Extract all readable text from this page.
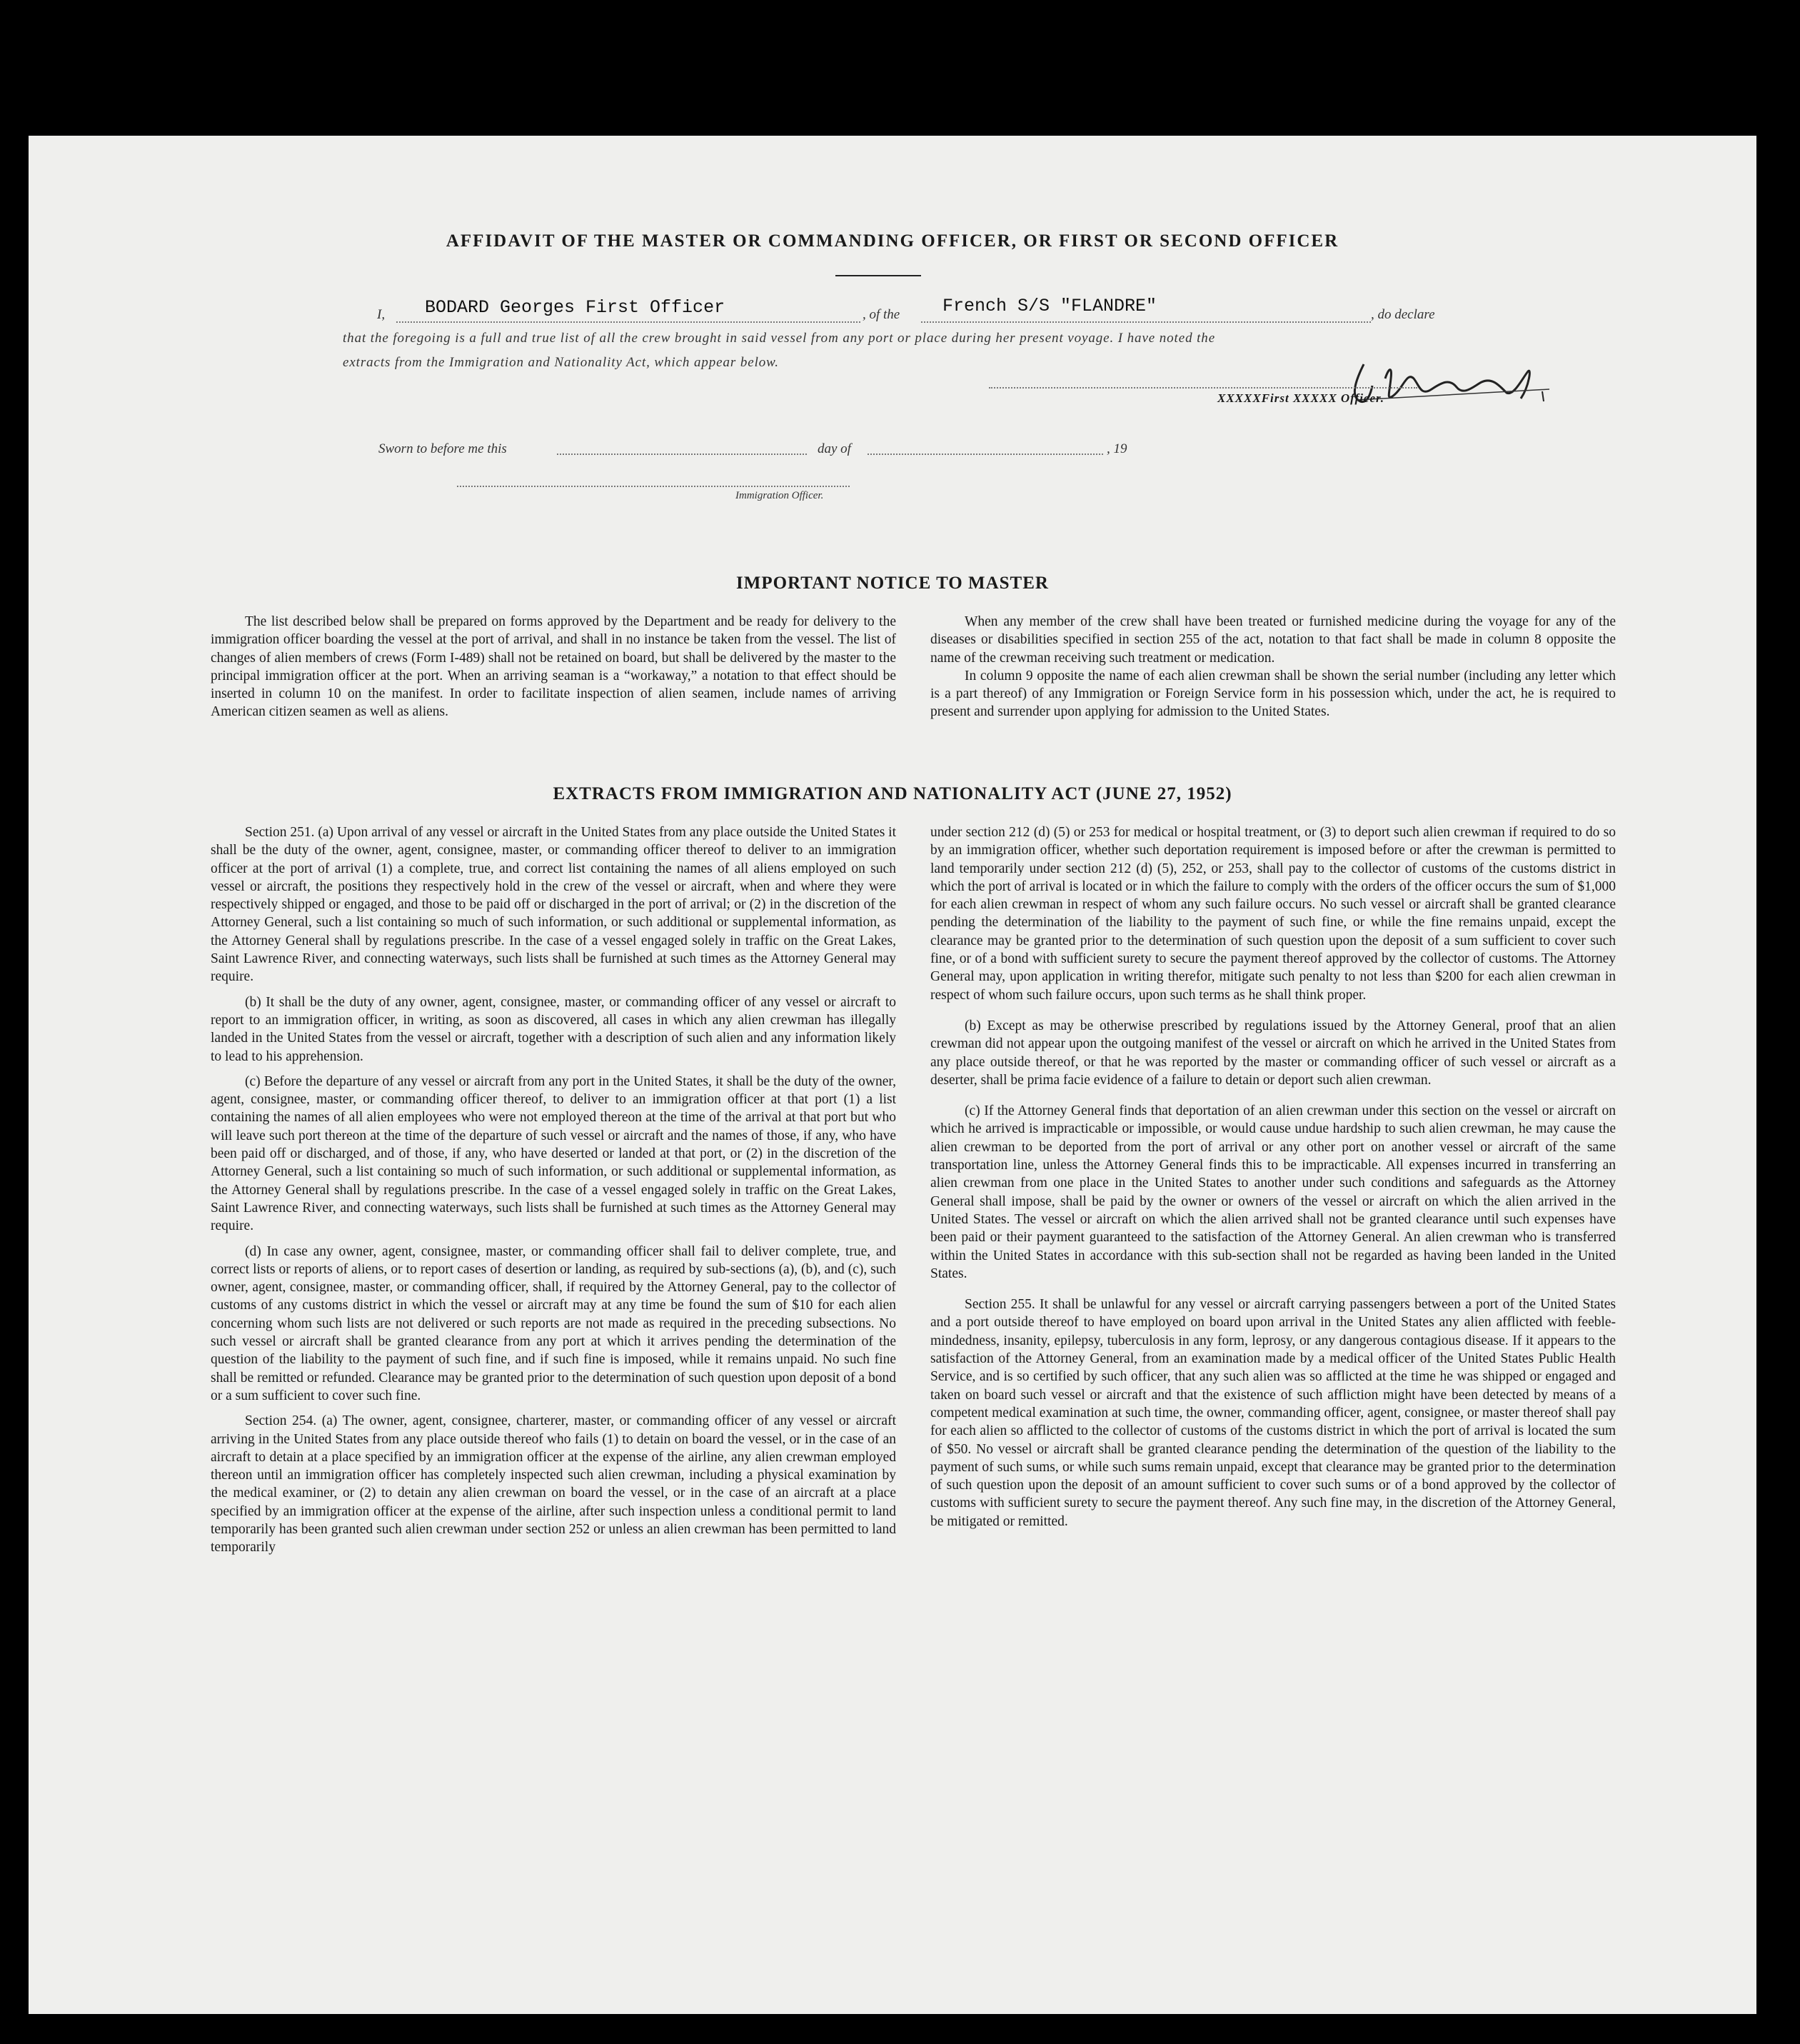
AFFIDAVIT OF THE MASTER OR COMMANDING OFFICER, OR FIRST OR SECOND OFFICER
I, BODARD Georges First Officer	, of the French S/S "FLANDRE"	, do declare
that the foregoing is a full and true list of all the crew brought in said vessel from any port or place during her present voyage. I have noted the
extracts from the Immigration and Nationality Act, which appear below.
XXXXXFirst XXXXX Officer.
Sworn to before me this	day of	, 19
Immigration Officer.
IMPORTANT NOTICE TO MASTER

The list described below shall be prepared on forms approved by the Department and be ready for delivery to the immigration officer boarding the vessel at the port of arrival, and shall in no instance be taken from the vessel. The list of changes of alien members of crews (Form I-489) shall not be retained on board, but shall be delivered by the master to the principal immigration officer at the port. When an arriving seaman is a “workaway,” a notation to that effect should be inserted in column 10 on the manifest. In order to facilitate inspection of alien seamen, include names of arriving American citizen seamen as well as aliens.

When any member of the crew shall have been treated or furnished medicine during the voyage for any of the diseases or disabilities specified in section 255 of the act, notation to that fact shall be made in column 8 opposite the name of the crewman receiving such treatment or medication.

In column 9 opposite the name of each alien crewman shall be shown the serial number (including any letter which is a part thereof) of any Immigration or Foreign Service form in his possession which, under the act, he is required to present and surrender upon applying for admission to the United States.

EXTRACTS FROM IMMIGRATION AND NATIONALITY ACT (JUNE 27, 1952)

Section 251. (a) Upon arrival of any vessel or aircraft in the United States from any place outside the United States it shall be the duty of the owner, agent, consignee, master, or commanding officer thereof to deliver to an immigration officer at the port of arrival (1) a complete, true, and correct list containing the names of all aliens employed on such vessel or aircraft, the positions they respectively hold in the crew of the vessel or aircraft, when and where they were respectively shipped or engaged, and those to be paid off or discharged in the port of arrival; or (2) in the discretion of the Attorney General, such a list containing so much of such information, or such additional or supplemental information, as the Attorney General shall by regulations prescribe. In the case of a vessel engaged solely in traffic on the Great Lakes, Saint Lawrence River, and connecting waterways, such lists shall be furnished at such times as the Attorney General may require.

(b) It shall be the duty of any owner, agent, consignee, master, or commanding officer of any vessel or aircraft to report to an immigration officer, in writing, as soon as discovered, all cases in which any alien crewman has illegally landed in the United States from the vessel or aircraft, together with a description of such alien and any information likely to lead to his apprehension.

(c) Before the departure of any vessel or aircraft from any port in the United States, it shall be the duty of the owner, agent, consignee, master, or commanding officer thereof, to deliver to an immigration officer at that port (1) a list containing the names of all alien employees who were not employed thereon at the time of the arrival at that port but who will leave such port thereon at the time of the departure of such vessel or aircraft and the names of those, if any, who have been paid off or discharged, and of those, if any, who have deserted or landed at that port, or (2) in the discretion of the Attorney General, such a list containing so much of such information, or such additional or supplemental information, as the Attorney General shall by regulations prescribe. In the case of a vessel engaged solely in traffic on the Great Lakes, Saint Lawrence River, and connecting waterways, such lists shall be furnished at such times as the Attorney General may require.

(d) In case any owner, agent, consignee, master, or commanding officer shall fail to deliver complete, true, and correct lists or reports of aliens, or to report cases of desertion or landing, as required by sub-sections (a), (b), and (c), such owner, agent, consignee, master, or commanding officer, shall, if required by the Attorney General, pay to the collector of customs of any customs district in which the vessel or aircraft may at any time be found the sum of $10 for each alien concerning whom such lists are not delivered or such reports are not made as required in the preceding subsections. No such vessel or aircraft shall be granted clearance from any port at which it arrives pending the determination of the question of the liability to the payment of such fine, and if such fine is imposed, while it remains unpaid. No such fine shall be remitted or refunded. Clearance may be granted prior to the determination of such question upon deposit of a bond or a sum sufficient to cover such fine.

Section 254. (a) The owner, agent, consignee, charterer, master, or commanding officer of any vessel or aircraft arriving in the United States from any place outside thereof who fails (1) to detain on board the vessel, or in the case of an aircraft to detain at a place specified by an immigration officer at the expense of the airline, any alien crewman employed thereon until an immigration officer has completely inspected such alien crewman, including a physical examination by the medical examiner, or (2) to detain any alien crewman on board the vessel, or in the case of an aircraft at a place specified by an immigration officer at the expense of the airline, after such inspection unless a conditional permit to land temporarily has been granted such alien crewman under section 252 or unless an alien crewman has been permitted to land temporarily

under section 212 (d) (5) or 253 for medical or hospital treatment, or (3) to deport such alien crewman if required to do so by an immigration officer, whether such deportation requirement is imposed before or after the crewman is permitted to land temporarily under section 212 (d) (5), 252, or 253, shall pay to the collector of customs of the customs district in which the port of arrival is located or in which the failure to comply with the orders of the officer occurs the sum of $1,000 for each alien crewman in respect of whom any such failure occurs. No such vessel or aircraft shall be granted clearance pending the determination of the liability to the payment of such fine, or while the fine remains unpaid, except the clearance may be granted prior to the determination of such question upon the deposit of a sum sufficient to cover such fine, or of a bond with sufficient surety to secure the payment thereof approved by the collector of customs. The Attorney General may, upon application in writing therefor, mitigate such penalty to not less than $200 for each alien crewman in respect of whom such failure occurs, upon such terms as he shall think proper.

(b) Except as may be otherwise prescribed by regulations issued by the Attorney General, proof that an alien crewman did not appear upon the outgoing manifest of the vessel or aircraft on which he arrived in the United States from any place outside thereof, or that he was reported by the master or commanding officer of such vessel or aircraft as a deserter, shall be prima facie evidence of a failure to detain or deport such alien crewman.

(c) If the Attorney General finds that deportation of an alien crewman under this section on the vessel or aircraft on which he arrived is impracticable or impossible, or would cause undue hardship to such alien crewman, he may cause the alien crewman to be deported from the port of arrival or any other port on another vessel or aircraft of the same transportation line, unless the Attorney General finds this to be impracticable. All expenses incurred in transferring an alien crewman from one place in the United States to another under such conditions and safeguards as the Attorney General shall impose, shall be paid by the owner or owners of the vessel or aircraft on which the alien arrived in the United States. The vessel or aircraft on which the alien arrived shall not be granted clearance until such expenses have been paid or their payment guaranteed to the satisfaction of the Attorney General. An alien crewman who is transferred within the United States in accordance with this sub-section shall not be regarded as having been landed in the United States.

Section 255. It shall be unlawful for any vessel or aircraft carrying passengers between a port of the United States and a port outside thereof to have employed on board upon arrival in the United States any alien afflicted with feeble-mindedness, insanity, epilepsy, tuberculosis in any form, leprosy, or any dangerous contagious disease. If it appears to the satisfaction of the Attorney General, from an examination made by a medical officer of the United States Public Health Service, and is so certified by such officer, that any such alien was so afflicted at the time he was shipped or engaged and taken on board such vessel or aircraft and that the existence of such affliction might have been detected by means of a competent medical examination at such time, the owner, commanding officer, agent, consignee, or master thereof shall pay for each alien so afflicted to the collector of customs of the customs district in which the port of arrival is located the sum of $50. No vessel or aircraft shall be granted clearance pending the determination of the question of the liability to the payment of such sums, or while such sums remain unpaid, except that clearance may be granted prior to the determination of such question upon the deposit of an amount sufficient to cover such sums or of a bond approved by the collector of customs with sufficient surety to secure the payment thereof. Any such fine may, in the discretion of the Attorney General, be mitigated or remitted.
